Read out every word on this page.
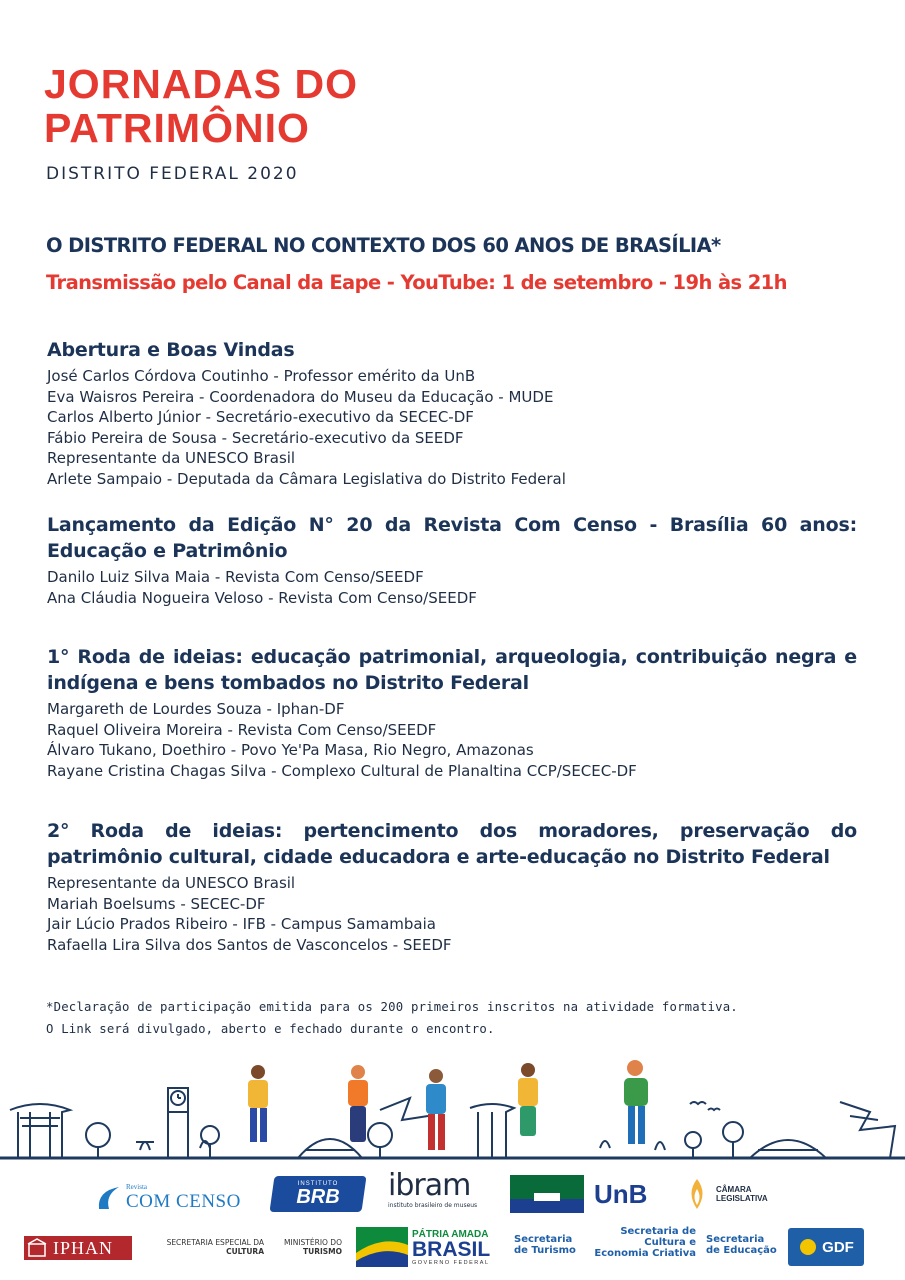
JORNADAS DO
PATRIMÔNIO
DISTRITO FEDERAL 2020
O DISTRITO FEDERAL NO CONTEXTO DOS 60 ANOS DE BRASÍLIA*
Transmissão pelo Canal da Eape - YouTube: 1 de setembro - 19h às 21h
Abertura e Boas Vindas
José Carlos Córdova Coutinho - Professor emérito da UnB
Eva Waisros Pereira - Coordenadora do Museu da Educação - MUDE
Carlos Alberto Júnior - Secretário-executivo da SECEC-DF
Fábio Pereira de Sousa - Secretário-executivo da SEEDF
Representante da UNESCO Brasil
Arlete Sampaio - Deputada da Câmara Legislativa do Distrito Federal
Lançamento da Edição N° 20 da Revista Com Censo - Brasília 60 anos: Educação e Patrimônio
Danilo Luiz Silva Maia - Revista Com Censo/SEEDF
Ana Cláudia Nogueira Veloso - Revista Com Censo/SEEDF
1° Roda de ideias: educação patrimonial, arqueologia, contribuição negra e indígena e bens tombados no Distrito Federal
Margareth de Lourdes Souza - Iphan-DF
Raquel Oliveira Moreira - Revista Com Censo/SEEDF
Álvaro Tukano, Doethiro - Povo Ye'Pa Masa, Rio Negro, Amazonas
Rayane Cristina Chagas Silva - Complexo Cultural de Planaltina CCP/SECEC-DF
2° Roda de ideias: pertencimento dos moradores, preservação do patrimônio cultural, cidade educadora e arte-educação no Distrito Federal
Representante da UNESCO Brasil
Mariah Boelsums - SECEC-DF
Jair Lúcio Prados Ribeiro - IFB - Campus Samambaia
Rafaella Lira Silva dos Santos de Vasconcelos - SEEDF
*Declaração de participação emitida para os 200 primeiros inscritos na atividade formativa.
O Link será divulgado, aberto e fechado durante o encontro.
Revista
COM CENSO
INSTITUTO
BRB	ibram
instituto brasileiro de museus	UnB	CÂMARA
LEGISLATIVA
IPHAN	SECRETARIA ESPECIAL DA
CULTURA
MINISTÉRIO DO
TURISMO
PÁTRIA AMADA
BRASIL
GOVERNO FEDERAL
Secretaria
de Turismo
Secretaria de
Cultura e
Economia Criativa
Secretaria
de Educação	GDF
